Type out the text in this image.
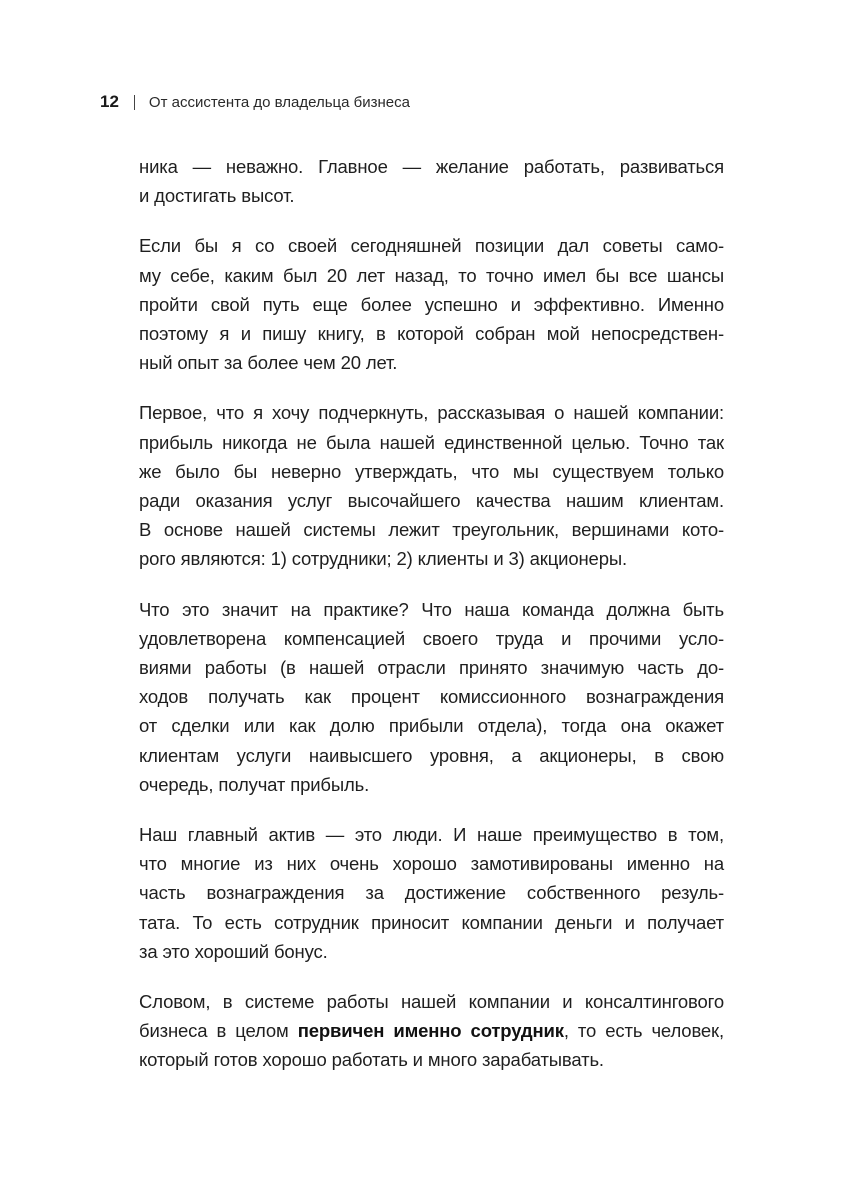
12 От ассистента до владельца бизнеса

ника — неважно. Главное — желание работать, развиваться
и достигать высот.

Если бы я со своей сегодняшней позиции дал советы само-
му себе, каким был 20 лет назад, то точно имел бы все шансы
пройти свой путь еще более успешно и эффективно. Именно
поэтому я и пишу книгу, в которой собран мой непосредствен-
ный опыт за более чем 20 лет.

Первое, что я хочу подчеркнуть, рассказывая о нашей компании:
прибыль никогда не была нашей единственной целью. Точно так
же было бы неверно утверждать, что мы существуем только
ради оказания услуг высочайшего качества нашим клиентам.
В основе нашей системы лежит треугольник, вершинами кото-
рого являются: 1) сотрудники; 2) клиенты и 3) акционеры.

Что это значит на практике? Что наша команда должна быть
удовлетворена компенсацией своего труда и прочими усло-
виями работы (в нашей отрасли принято значимую часть до-
ходов получать как процент комиссионного вознаграждения
от сделки или как долю прибыли отдела), тогда она окажет
клиентам услуги наивысшего уровня, а акционеры, в свою
очередь, получат прибыль.

Наш главный актив — это люди. И наше преимущество в том,
что многие из них очень хорошо замотивированы именно на
часть вознаграждения за достижение собственного резуль-
тата. То есть сотрудник приносит компании деньги и получает
за это хороший бонус.

Словом, в системе работы нашей компании и консалтингового
бизнеса в целом первичен именно сотрудник, то есть человек,
который готов хорошо работать и много зарабатывать.
